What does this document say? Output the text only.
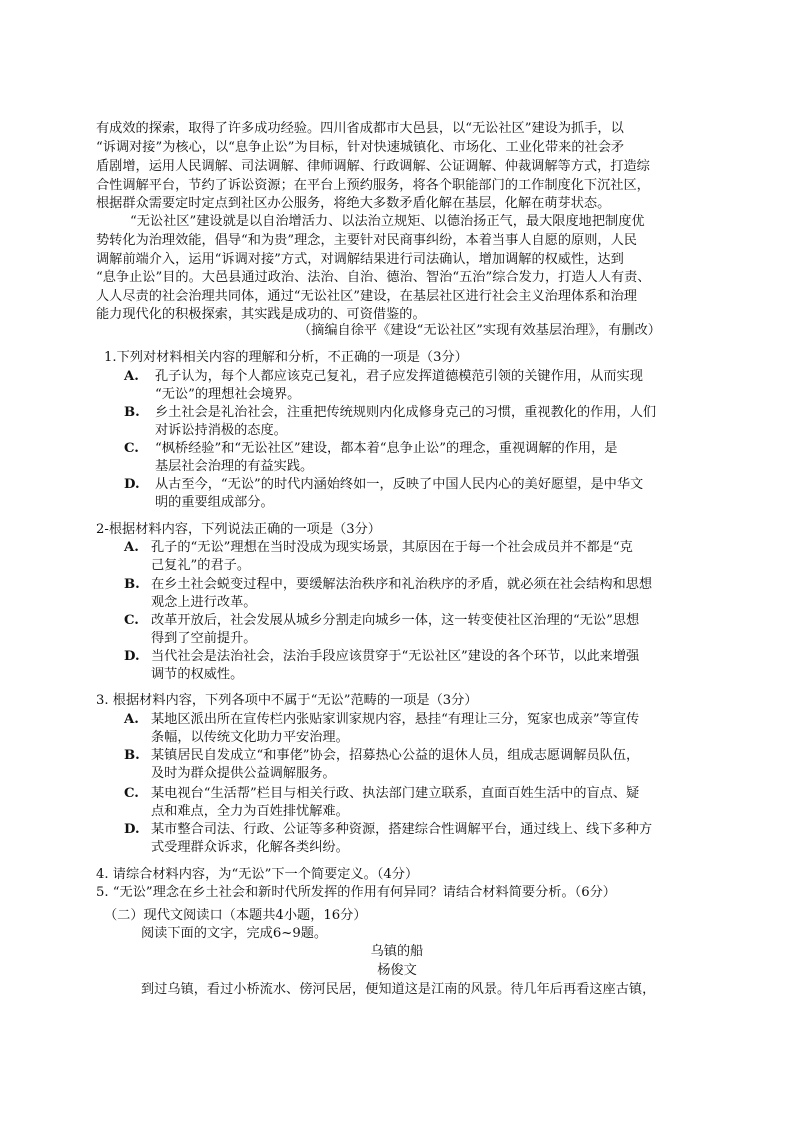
有成效的探索，取得了许多成功经验。四川省成都市大邑县，以“无讼社区”建设为抓手，以
“诉调对接”为核心，以“息争止讼”为目标，针对快速城镇化、市场化、工业化带来的社会矛
盾剧增，运用人民调解、司法调解、律师调解、行政调解、公证调解、仲裁调解等方式，打造综
合性调解平台，节约了诉讼资源；在平台上预约服务，将各个职能部门的工作制度化下沉社区，
根据群众需要定时定点到社区办公服务，将绝大多数矛盾化解在基层，化解在萌芽状态。
“无讼社区”建设就是以自治增活力、以法治立规矩、以德治扬正气，最大限度地把制度优
势转化为治理效能，倡导“和为贵”理念，主要针对民商事纠纷，本着当事人自愿的原则，人民
调解前端介入，运用“诉调对接”方式，对调解结果进行司法确认，增加调解的权威性，达到
“息争止讼”目的。大邑县通过政治、法治、自治、德治、智治“五治”综合发力，打造人人有责、
人人尽责的社会治理共同体，通过“无讼社区”建设，在基层社区进行社会主义治理体系和治理
能力现代化的积极探索，其实践是成功的、可资借鉴的。
（摘编自徐平《建设“无讼社区”实现有效基层治理》，有删改）
1.下列对材料相关内容的理解和分析，不正确的一项是（3分）
A. 孔子认为，每个人都应该克己复礼，君子应发挥道德模范引领的关键作用，从而实现
“无讼”的理想社会境界。
B. 乡土社会是礼治社会，注重把传统规则内化成修身克己的习惯，重视教化的作用，人们
对诉讼持消极的态度。
C. “枫桥经验”和“无讼社区”建设，都本着“息争止讼”的理念，重视调解的作用，是
基层社会治理的有益实践。
D. 从古至今，“无讼”的时代内涵始终如一，反映了中国人民内心的美好愿望，是中华文
明的重要组成部分。
2-根据材料内容，下列说法正确的一项是（3分）
A. 孔子的“无讼”理想在当时没成为现实场景，其原因在于每一个社会成员并不都是“克
己复礼”的君子。
B. 在乡土社会蜕变过程中，要缓解法治秩序和礼治秩序的矛盾，就必须在社会结构和思想
观念上进行改革。
C. 改革开放后，社会发展从城乡分割走向城乡一体，这一转变使社区治理的“无讼”思想
得到了空前提升。
D. 当代社会是法治社会，法治手段应该贯穿于“无讼社区”建设的各个环节，以此来增强
调节的权威性。
3. 根据材料内容，下列各项中不属于“无讼”范畴的一项是（3分）
A. 某地区派出所在宣传栏内张贴家训家规内容，悬挂“有理让三分，冤家也成亲”等宣传
条幅，以传统文化助力平安治理。
B. 某镇居民自发成立“和事佬”协会，招募热心公益的退休人员，组成志愿调解员队伍，
及时为群众提供公益调解服务。
C. 某电视台“生活帮”栏目与相关行政、执法部门建立联系，直面百姓生活中的盲点、疑
点和难点，全力为百姓排忧解难。
D. 某市整合司法、行政、公证等多种资源，搭建综合性调解平台，通过线上、线下多种方
式受理群众诉求，化解各类纠纷。
4. 请综合材料内容，为“无讼”下一个简要定义。（4分）
5. “无讼”理念在乡土社会和新时代所发挥的作用有何异同？请结合材料简要分析。（6分）
（二）现代文阅读口（本题共4小题，16分）
阅读下面的文字，完成6~9题。
乌镇的船
杨俊文
到过乌镇，看过小桥流水、傍河民居，便知道这是江南的风景。待几年后再看这座古镇，
